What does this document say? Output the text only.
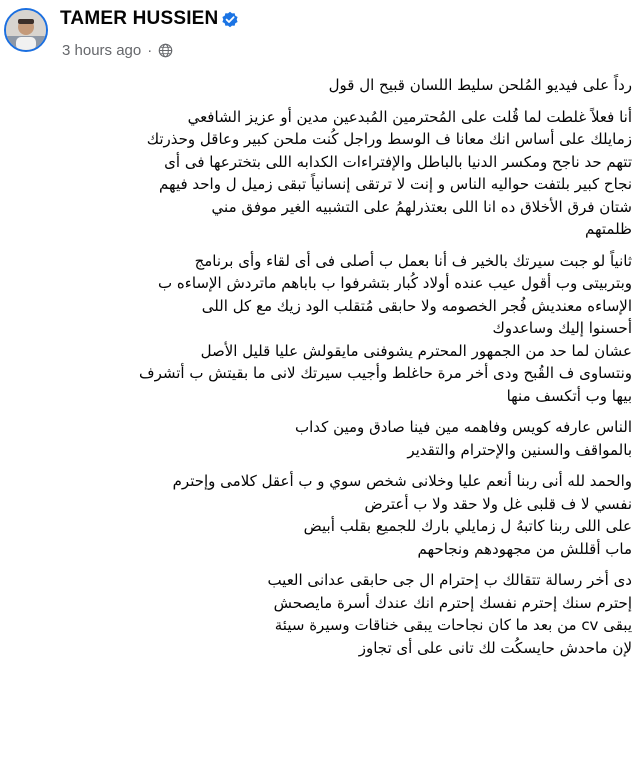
TAMER HUSSIEN
3 hours ago ·
رداً على فيديو المُلحن سليط اللسان قبيح ال قول
أنا فعلاً غلطت لما قُلت على المُحترمين المُبدعين مدين أو عزيز الشافعي
زمايلك على أساس انك معانا ف الوسط وراجل كُنت ملحن كبير وعاقل وحذرتك
تتهم حد ناجح ومكسر الدنيا بالباطل والإفتراءات الكدابه اللى بتخترعها فى أى
نجاح كبير بلتفت حواليه الناس و إنت لا ترتقى إنسانياً تبقى زميل ل واحد فيهم
شتان فرق الأخلاق ده انا اللى بعتذرلهمُ على التشبيه الغير موفق مني
ظلمتهم
ثانياً لو جبت سيرتك بالخير ف أنا بعمل ب أصلى فى أى لقاء وأى برنامج
وبتربيتى وب أقول عيب عنده أولاد كُبار بتشرفوا ب باباهم ماتردش الإساءه ب
الإساءه معنديش فُجر الخصومه ولا حابقى مُتقلب الود زيك مع كل اللى
أحسنوا إليك وساعدوك
عشان لما حد من الجمهور المحترم يشوفنى مايقولش عليا قليل الأصل
ونتساوى ف القُبح ودى أخر مرة حاغلط وأجيب سيرتك لانى ما بقيتش ب أتشرف
بيها وب أتكسف منها
الناس عارفه كويس وفاهمه مين فينا صادق ومين كداب
بالمواقف والسنين والإحترام والتقدير
والحمد لله أنى ربنا أنعم عليا وخلانى شخص سوي و ب أعقل كلامى وإحترم
نفسي لا ف قلبى غل ولا حقد ولا ب أعترض
على اللى ربنا كاتبهُ ل زمايلي بارك للجميع بقلب أبيض
ماب أقللش من مجهودهم ونجاحهم
دى أخر رسالة تتقالك ب إحترام ال جى حابقى عدانى العيب
إحترم سنك إحترم نفسك إحترم انك عندك أسرة مايصحش
يبقى cv من بعد ما كان نجاحات يبقى خناقات وسيرة سيئة
لإن ماحدش حايسكُت لك تانى على أى تجاوز
